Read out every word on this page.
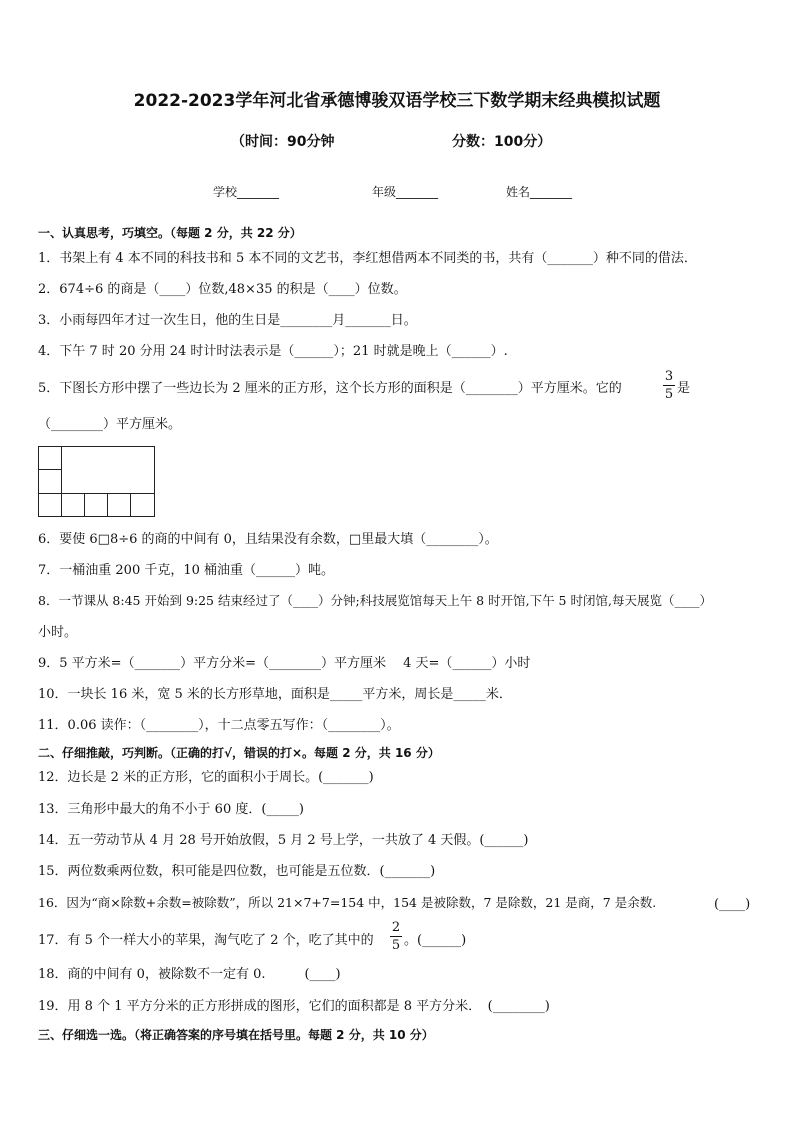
2022-2023学年河北省承德博骏双语学校三下数学期末经典模拟试题
（时间：90分钟	分数：100分）
学校_______	年级_______	姓名_______
一、认真思考，巧填空。（每题 2 分，共 22 分）
1．书架上有 4 本不同的科技书和 5 本不同的文艺书，李红想借两本不同类的书，共有（_______）种不同的借法．
2．674÷6 的商是（____）位数,48×35 的积是（____）位数。
3．小雨每四年才过一次生日，他的生日是________月_______日。
4．下午 7 时 20 分用 24 时计时法表示是（______）；21 时就是晚上（______）.
5．下图长方形中摆了一些边长为 2 厘米的正方形，这个长方形的面积是（________）平方厘米。它的
3
5 是
（________）平方厘米。
6．要使 6□8÷6 的商的中间有 0，且结果没有余数，□里最大填（________）。
7．一桶油重 200 千克，10 桶油重（______）吨。
8．一节课从 8:45 开始到 9:25 结束经过了（____）分钟;科技展览馆每天上午 8 时开馆,下午 5 时闭馆,每天展览（____）
小时。
9．5 平方米=（_______）平方分米=（________）平方厘米　 4 天=（______）小时
10．一块长 16 米，宽 5 米的长方形草地，面积是_____平方米，周长是_____米．
11．0.06 读作：（________），十二点零五写作：（________）。
二、仔细推敲，巧判断。（正确的打√，错误的打×。每题 2 分，共 16 分）
12．边长是 2 米的正方形，它的面积小于周长。(_______)
13．三角形中最大的角不小于 60 度．(_____)
14．五一劳动节从 4 月 28 号开始放假，5 月 2 号上学，一共放了 4 天假。(______)
15．两位数乘两位数，积可能是四位数，也可能是五位数．(_______)
16．因为“商×除数+余数=被除数”，所以 21×7+7=154 中，154 是被除数，7 是除数，21 是商，7 是余数.	(____)
17．有 5 个一样大小的苹果，淘气吃了 2 个，吃了其中的
2
5 。(______)
18．商的中间有 0，被除数不一定有 0.　　　(____)
19．用 8 个 1 平方分米的正方形拼成的图形，它们的面积都是 8 平方分米．　(________)
三、仔细选一选。（将正确答案的序号填在括号里。每题 2 分，共 10 分）
